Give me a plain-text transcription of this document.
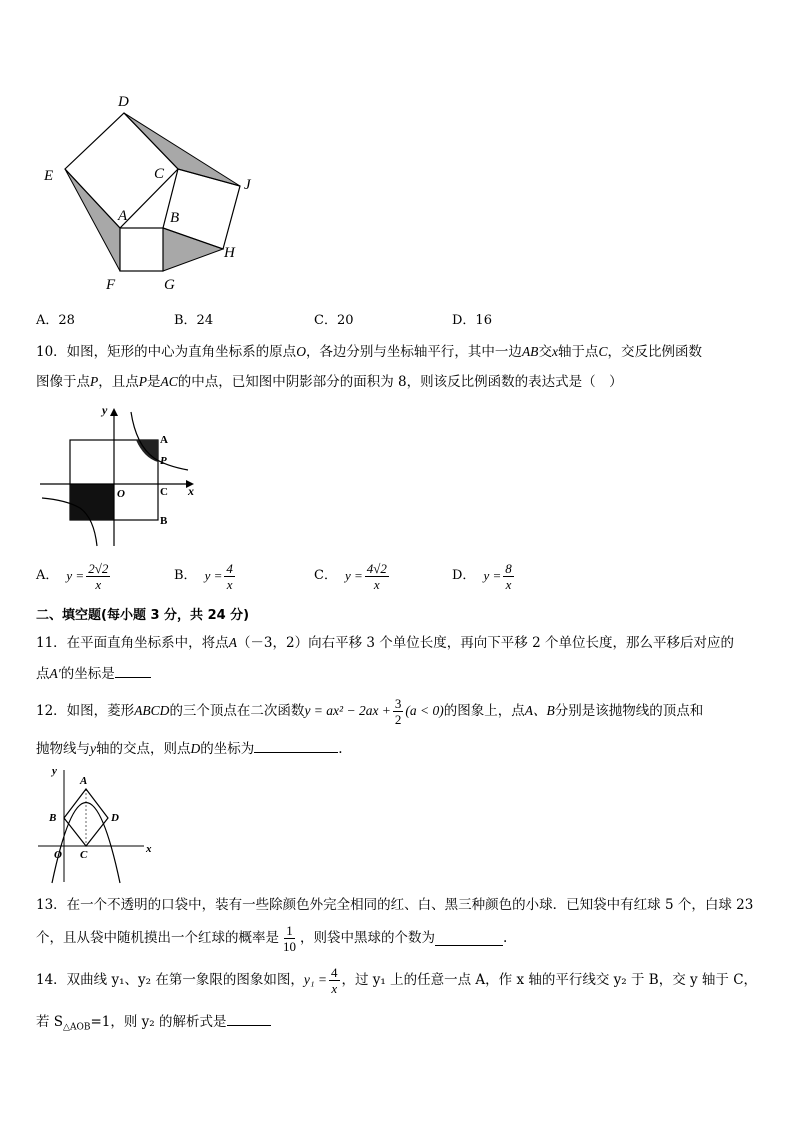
D
E	C
J
A	B
H
F	G
A．28	B．24	C．20	D．16
10．如图，矩形的中心为直角坐标系的原点O，各边分别与坐标轴平行，其中一边AB交x轴于点C，交反比例函数
图像于点P，且点P是AC的中点，已知图中阴影部分的面积为 8，则该反比例函数的表达式是（　）
y
x
A
P
O	C
B
A． $y = \frac{2√2}{x}$	B． $y = \frac{4}{x}$	C． $y = \frac{4√2}{x}$	D． $y = \frac{8}{x}$
二、填空题(每小题 3 分，共 24 分)
11．在平面直角坐标系中，将点A（－3，2）向右平移 3 个单位长度，再向下平移 2 个单位长度，那么平移后对应的
点A′的坐标是
12．如图，菱形 ABCD 的三个顶点在二次函数 $y = ax^2 - 2ax + \frac{3}{2} (a < 0)$ 的图象上，点 A、B 分别是该抛物线的顶点和
抛物线与y轴的交点，则点D的坐标为	.
y
A
B	D
O C	x
13．在一个不透明的口袋中，装有一些除颜色外完全相同的红、白、黑三种颜色的小球．已知袋中有红球 5 个，白球 23
个，且从袋中随机摸出一个红球的概率是 $\frac{1}{10}$ ，则袋中黑球的个数为	.
14．双曲线 y₁、y₂ 在第一象限的图象如图， $y_1 = \frac{4}{x}$ ，过 y₁ 上的任意一点 A，作 x 轴的平行线交 y₂ 于 B，交 y 轴于 C，
若 $S_{\triangle AOB}=1$，则 y₂ 的解析式是
